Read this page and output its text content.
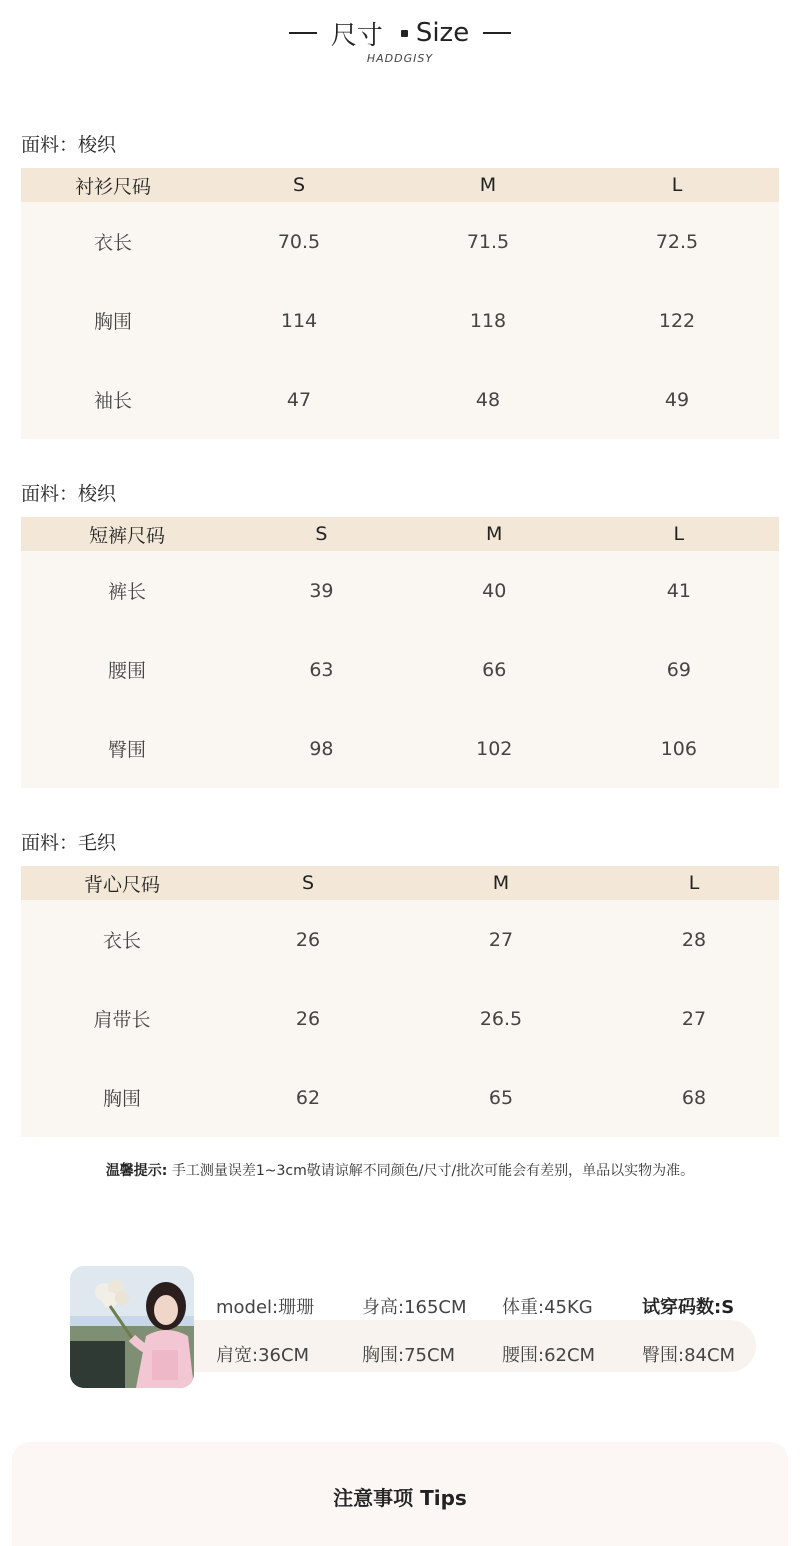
尺寸 Size
HADDGISY
面料：梭织
衬衫尺码	S	M	L
衣长	70.5	71.5	72.5
胸围	114	118	122
袖长	47	48	49
面料：梭织
短裤尺码	S	M	L
裤长	39	40	41
腰围	63	66	69
臀围	98	102	106
面料：毛织
背心尺码	S	M	L
衣长	26	27	28
肩带长	26	26.5	27
胸围	62	65	68
温馨提示: 手工测量误差1~3cm敬请谅解不同颜色/尺寸/批次可能会有差别，单品以实物为准。
model:珊珊	身高:165CM	体重:45KG	试穿码数:S
肩宽:36CM	胸围:75CM	腰围:62CM	臀围:84CM
注意事项 Tips
